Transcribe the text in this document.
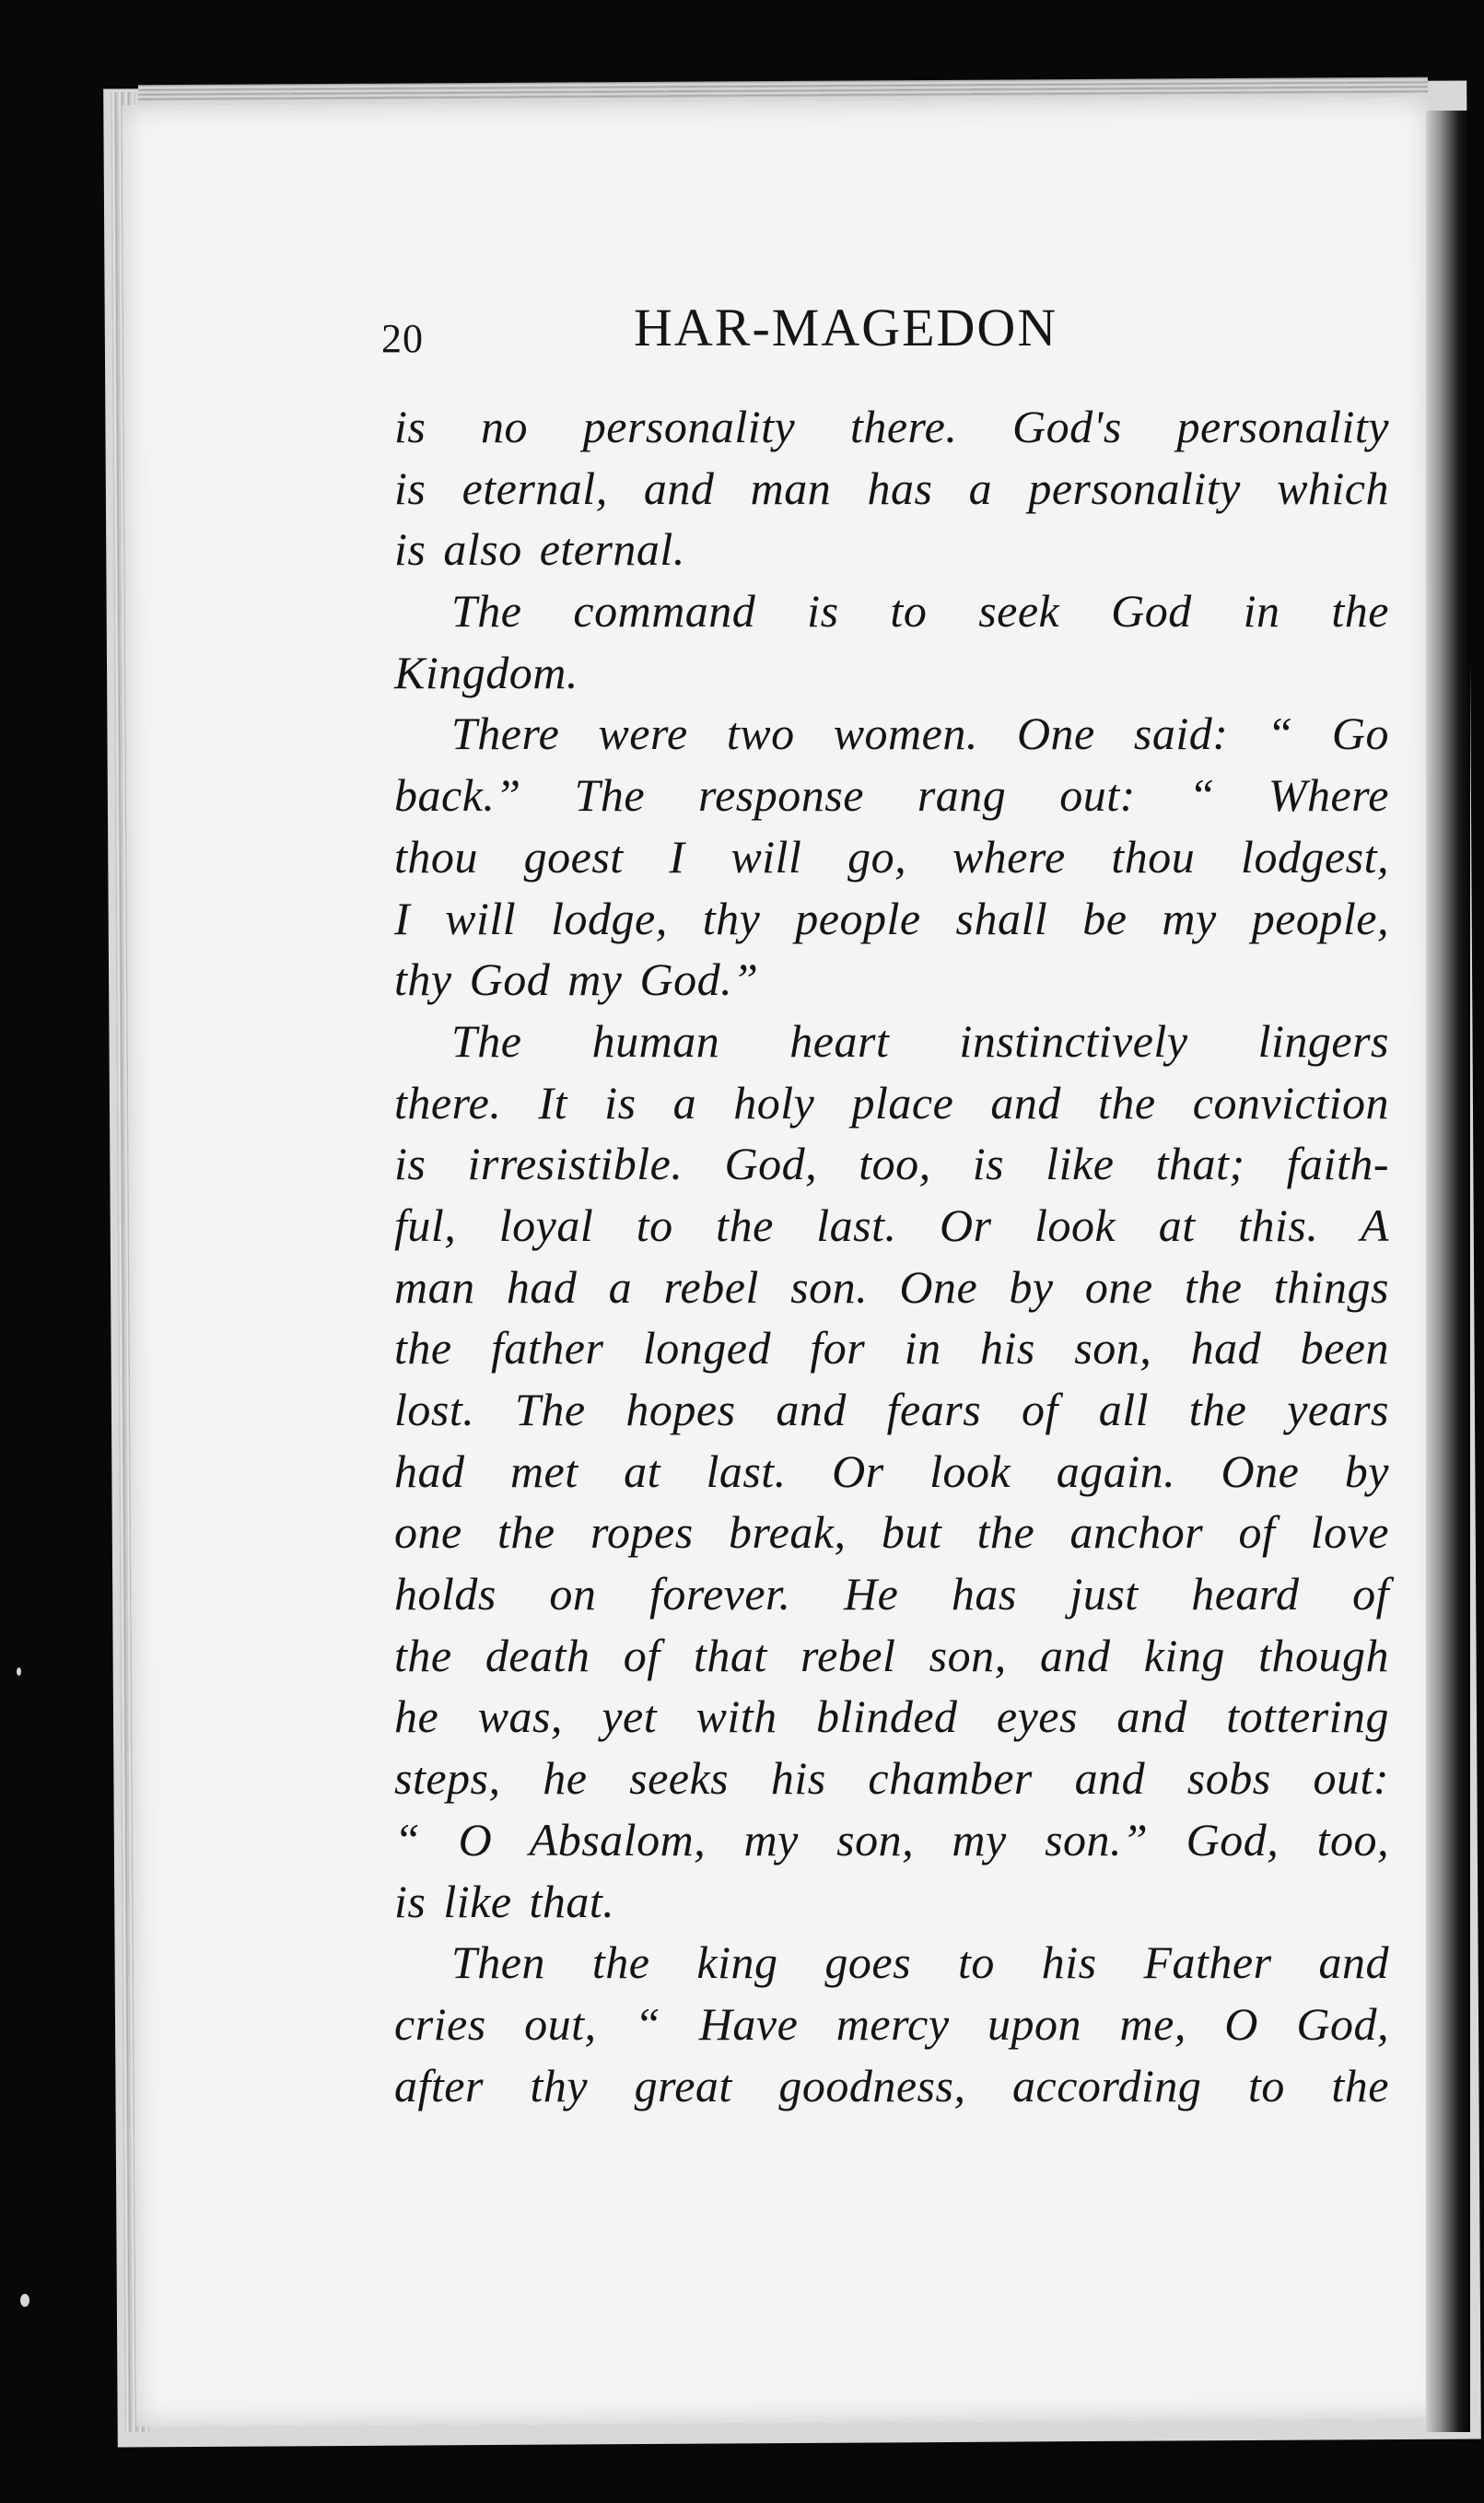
20	HAR-MAGEDON
is no personality there. God's personality
is eternal, and man has a personality which
is also eternal.
The command is to seek God in the
Kingdom.
There were two women. One said: “ Go
back.” The response rang out: “ Where
thou goest I will go, where thou lodgest,
I will lodge, thy people shall be my people,
thy God my God.”
The human heart instinctively lingers
there. It is a holy place and the conviction
is irresistible. God, too, is like that; faith-
ful, loyal to the last. Or look at this. A
man had a rebel son. One by one the things
the father longed for in his son, had been
lost. The hopes and fears of all the years
had met at last. Or look again. One by
one the ropes break, but the anchor of love
holds on forever. He has just heard of
the death of that rebel son, and king though
he was, yet with blinded eyes and tottering
steps, he seeks his chamber and sobs out:
“ O Absalom, my son, my son.” God, too,
is like that.
Then the king goes to his Father and
cries out, “ Have mercy upon me, O God,
after thy great goodness, according to the
